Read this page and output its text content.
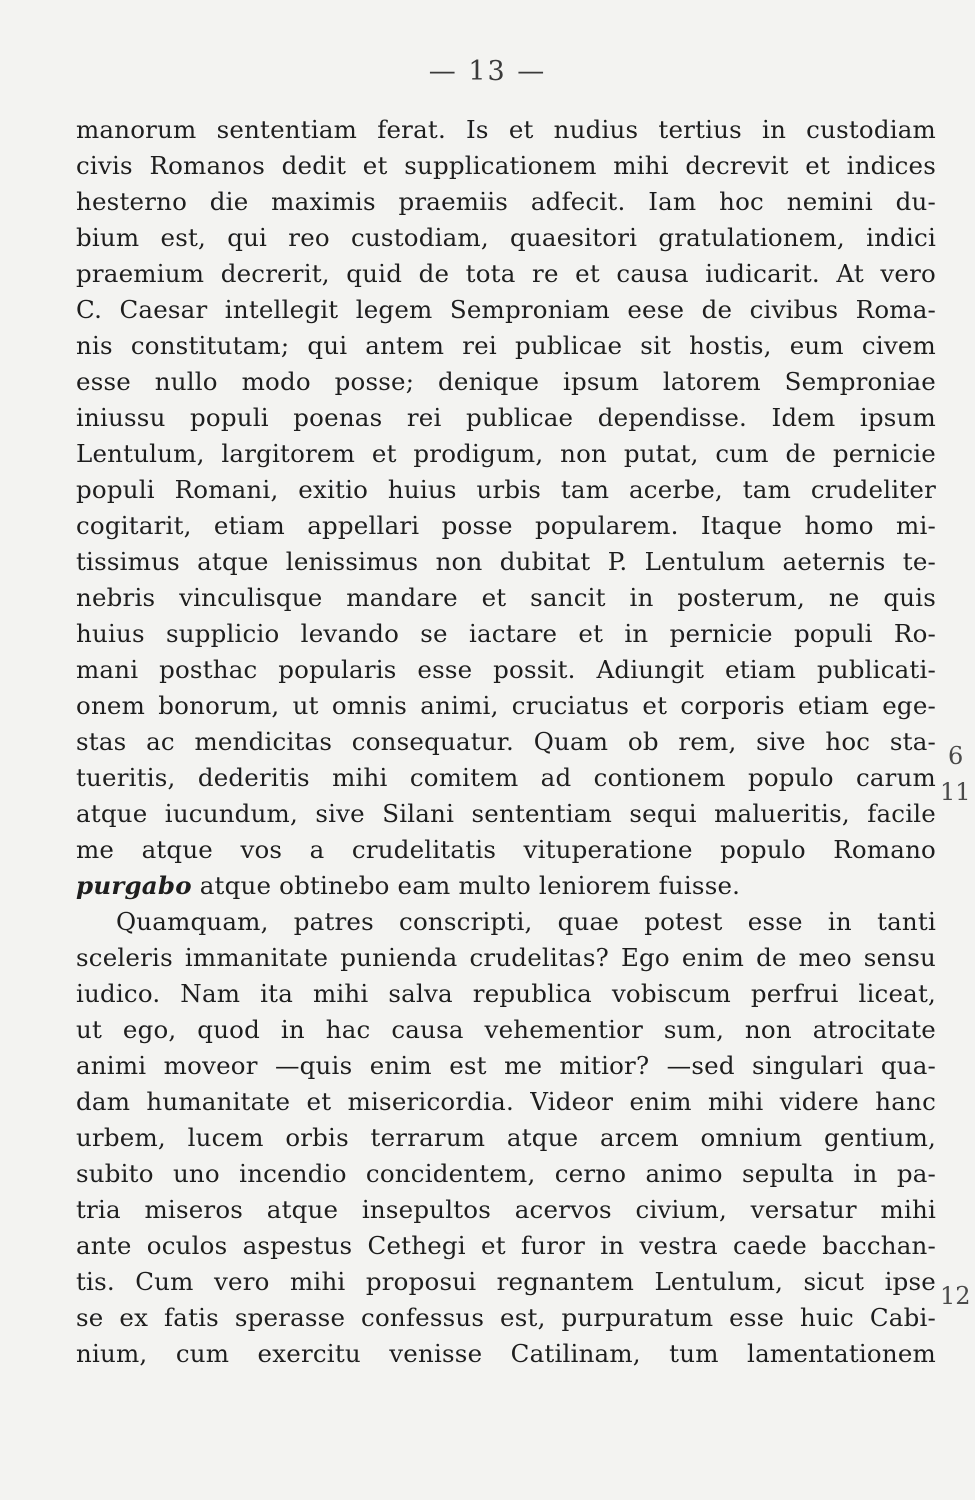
— 13 —
manorum sententiam ferat. Is et nudius tertius in custodiam
civis Romanos dedit et supplicationem mihi decrevit et indices
hesterno die maximis praemiis adfecit. Iam hoc nemini du-
bium est, qui reo custodiam, quaesitori gratulationem, indici
praemium decrerit, quid de tota re et causa iudicarit. At vero
C. Caesar intellegit legem Semproniam eese de civibus Roma-
nis constitutam; qui antem rei publicae sit hostis, eum civem
esse nullo modo posse; denique ipsum latorem Semproniae
iniussu populi poenas rei publicae dependisse. Idem ipsum
Lentulum, largitorem et prodigum, non putat, cum de pernicie
populi Romani, exitio huius urbis tam acerbe, tam crudeliter
cogitarit, etiam appellari posse popularem. Itaque homo mi-
tissimus atque lenissimus non dubitat P. Lentulum aeternis te-
nebris vinculisque mandare et sancit in posterum, ne quis
huius supplicio levando se iactare et in pernicie populi Ro-
mani posthac popularis esse possit. Adiungit etiam publicati-
onem bonorum, ut omnis animi, cruciatus et corporis etiam ege-
stas ac mendicitas consequatur. Quam ob rem, sive hoc sta-
tueritis, dederitis mihi comitem ad contionem populo carum
atque iucundum, sive Silani sententiam sequi malueritis, facile
me atque vos a crudelitatis vituperatione populo Romano
purgabo atque obtinebo eam multo leniorem fuisse.
Quamquam, patres conscripti, quae potest esse in tanti
sceleris immanitate punienda crudelitas? Ego enim de meo sensu
iudico. Nam ita mihi salva republica vobiscum perfrui liceat,
ut ego, quod in hac causa vehementior sum, non atrocitate
animi moveor —quis enim est me mitior? —sed singulari qua-
dam humanitate et misericordia. Videor enim mihi videre hanc
urbem, lucem orbis terrarum atque arcem omnium gentium,
subito uno incendio concidentem, cerno animo sepulta in pa-
tria miseros atque insepultos acervos civium, versatur mihi
ante oculos aspestus Cethegi et furor in vestra caede bacchan-
tis. Cum vero mihi proposui regnantem Lentulum, sicut ipse
se ex fatis sperasse confessus est, purpuratum esse huic Cabi-
nium, cum exercitu venisse Catilinam, tum lamentationem
6
11
12
